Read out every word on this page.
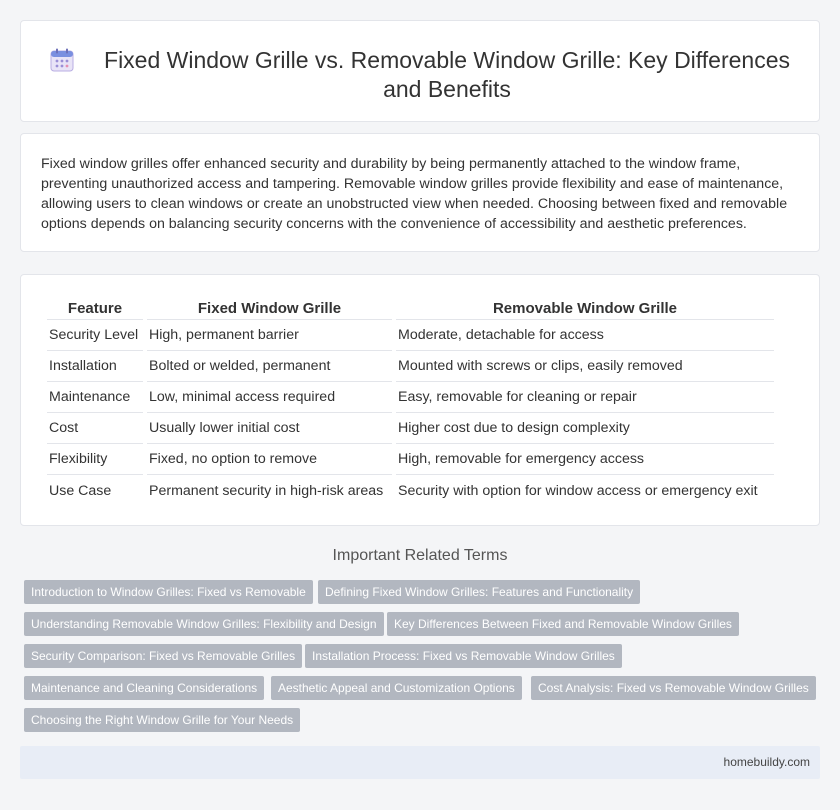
Fixed Window Grille vs. Removable Window Grille: Key Differences and Benefits

Fixed window grilles offer enhanced security and durability by being permanently attached to the window frame, preventing unauthorized access and tampering. Removable window grilles provide flexibility and ease of maintenance, allowing users to clean windows or create an unobstructed view when needed. Choosing between fixed and removable options depends on balancing security concerns with the convenience of accessibility and aesthetic preferences.

Feature	Fixed Window Grille	Removable Window Grille
Security Level	High, permanent barrier	Moderate, detachable for access
Installation	Bolted or welded, permanent	Mounted with screws or clips, easily removed
Maintenance	Low, minimal access required	Easy, removable for cleaning or repair
Cost	Usually lower initial cost	Higher cost due to design complexity
Flexibility	Fixed, no option to remove	High, removable for emergency access
Use Case	Permanent security in high-risk areas	Security with option for window access or emergency exit
Important Related Terms
Introduction to Window Grilles: Fixed vs Removable	Defining Fixed Window Grilles: Features and Functionality
Understanding Removable Window Grilles: Flexibility and Design	Key Differences Between Fixed and Removable Window Grilles
Security Comparison: Fixed vs Removable Grilles	Installation Process: Fixed vs Removable Window Grilles
Maintenance and Cleaning Considerations	Aesthetic Appeal and Customization Options	Cost Analysis: Fixed vs Removable Window Grilles
Choosing the Right Window Grille for Your Needs
homebuildy.com
